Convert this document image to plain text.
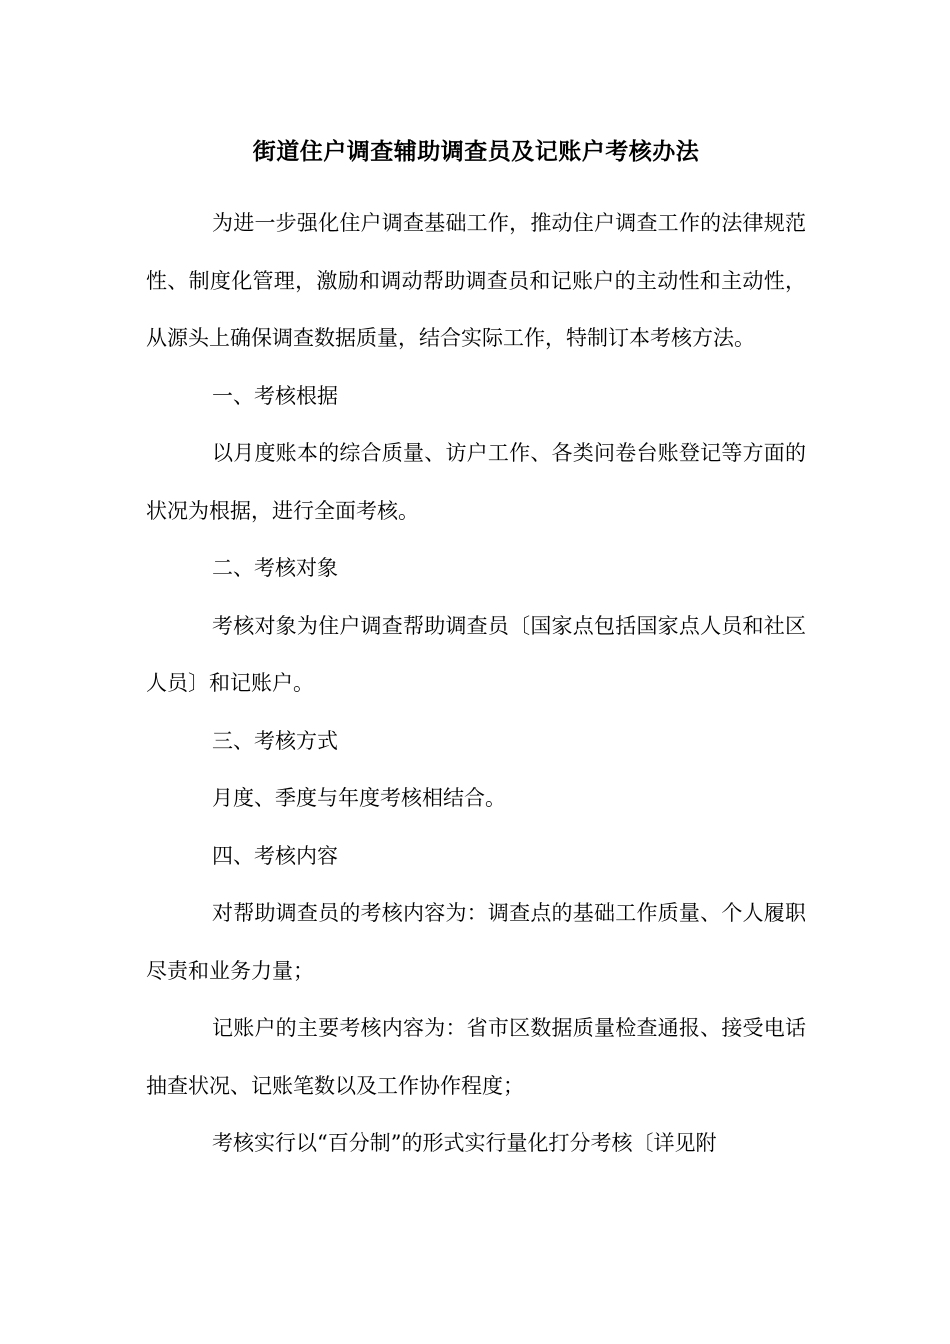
街道住户调查辅助调查员及记账户考核办法

为进一步强化住户调查基础工作，推动住户调查工作的法律规范性、制度化管理，激励和调动帮助调查员和记账户的主动性和主动性，从源头上确保调查数据质量，结合实际工作，特制订本考核方法。

一、考核根据

以月度账本的综合质量、访户工作、各类问卷台账登记等方面的状况为根据，进行全面考核。

二、考核对象

考核对象为住户调查帮助调查员〔国家点包括国家点人员和社区人员〕和记账户。

三、考核方式

月度、季度与年度考核相结合。

四、考核内容

对帮助调查员的考核内容为：调查点的基础工作质量、个人履职尽责和业务力量；

记账户的主要考核内容为：省市区数据质量检查通报、接受电话抽查状况、记账笔数以及工作协作程度；

考核实行以“百分制”的形式实行量化打分考核〔详见附
